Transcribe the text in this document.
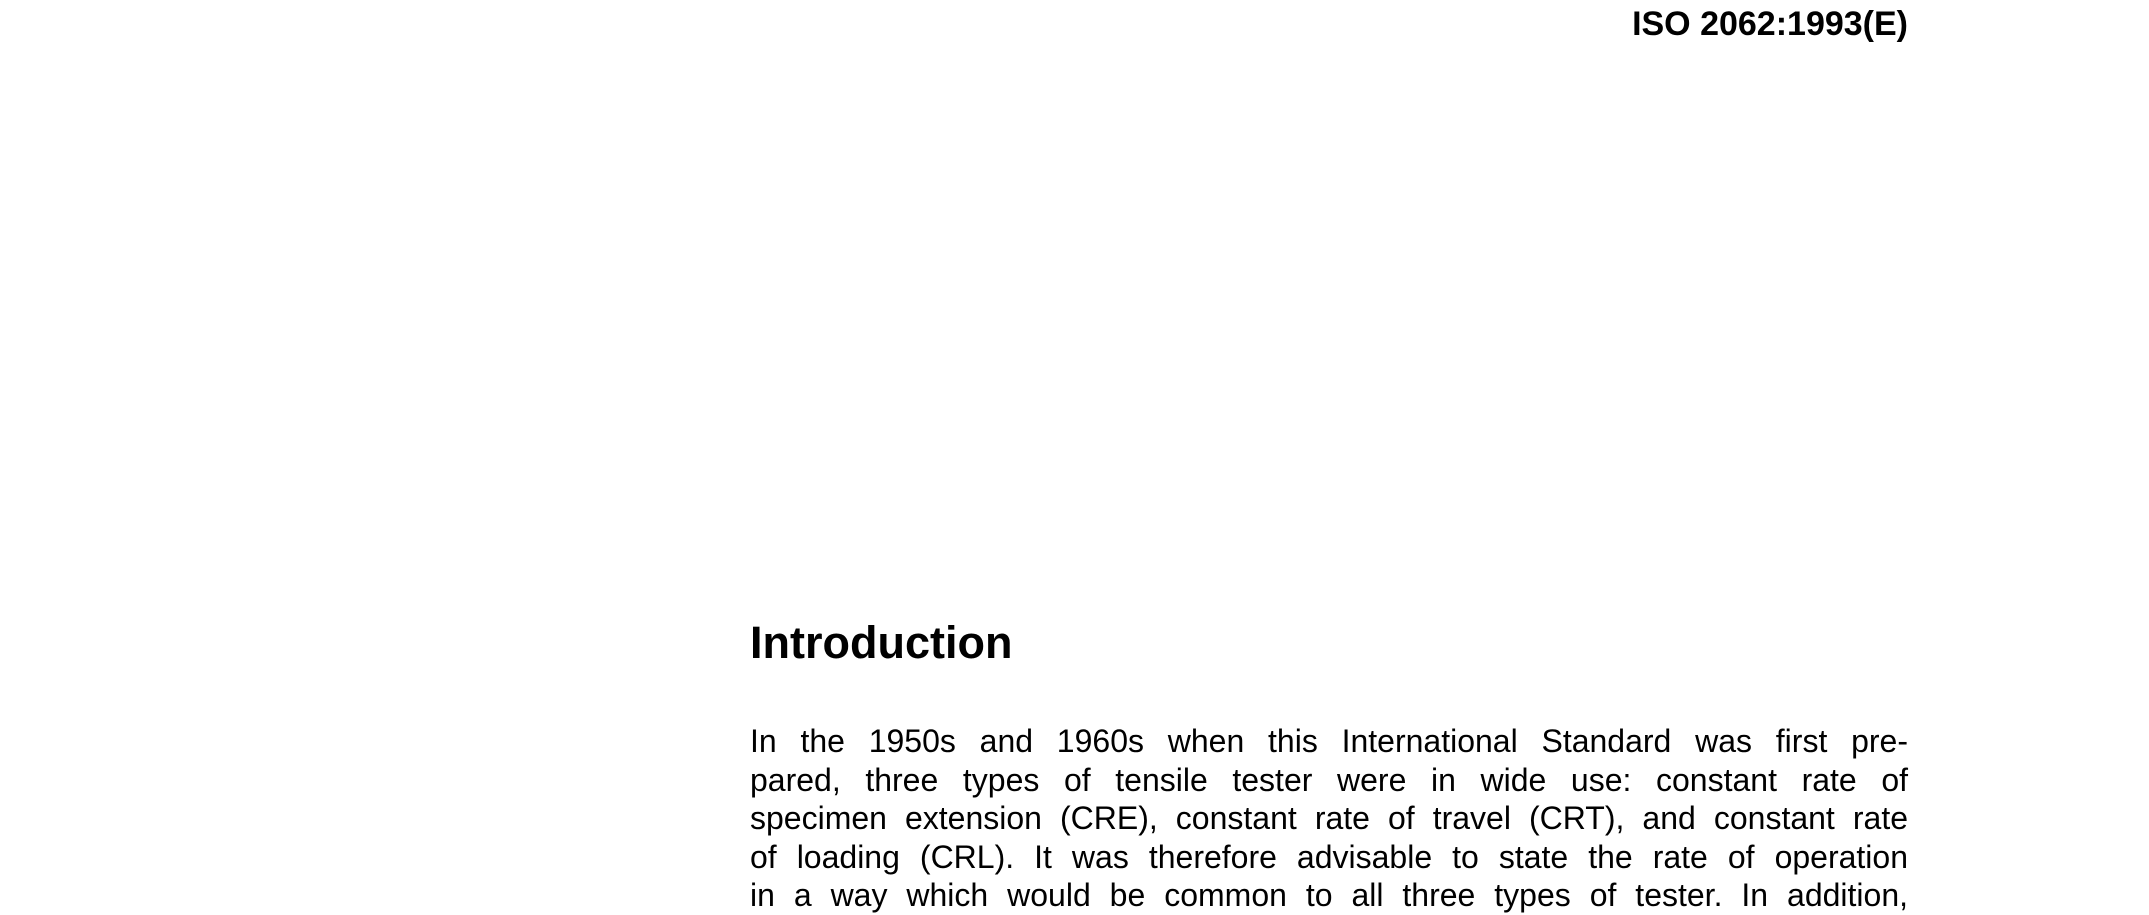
ISO 2062:1993(E)
Introduction
In the 1950s and 1960s when this International Standard was first pre-
pared, three types of tensile tester were in wide use: constant rate of
specimen extension (CRE), constant rate of travel (CRT), and constant rate
of loading (CRL). It was therefore advisable to state the rate of operation
in a way which would be common to all three types of tester. In addition,
